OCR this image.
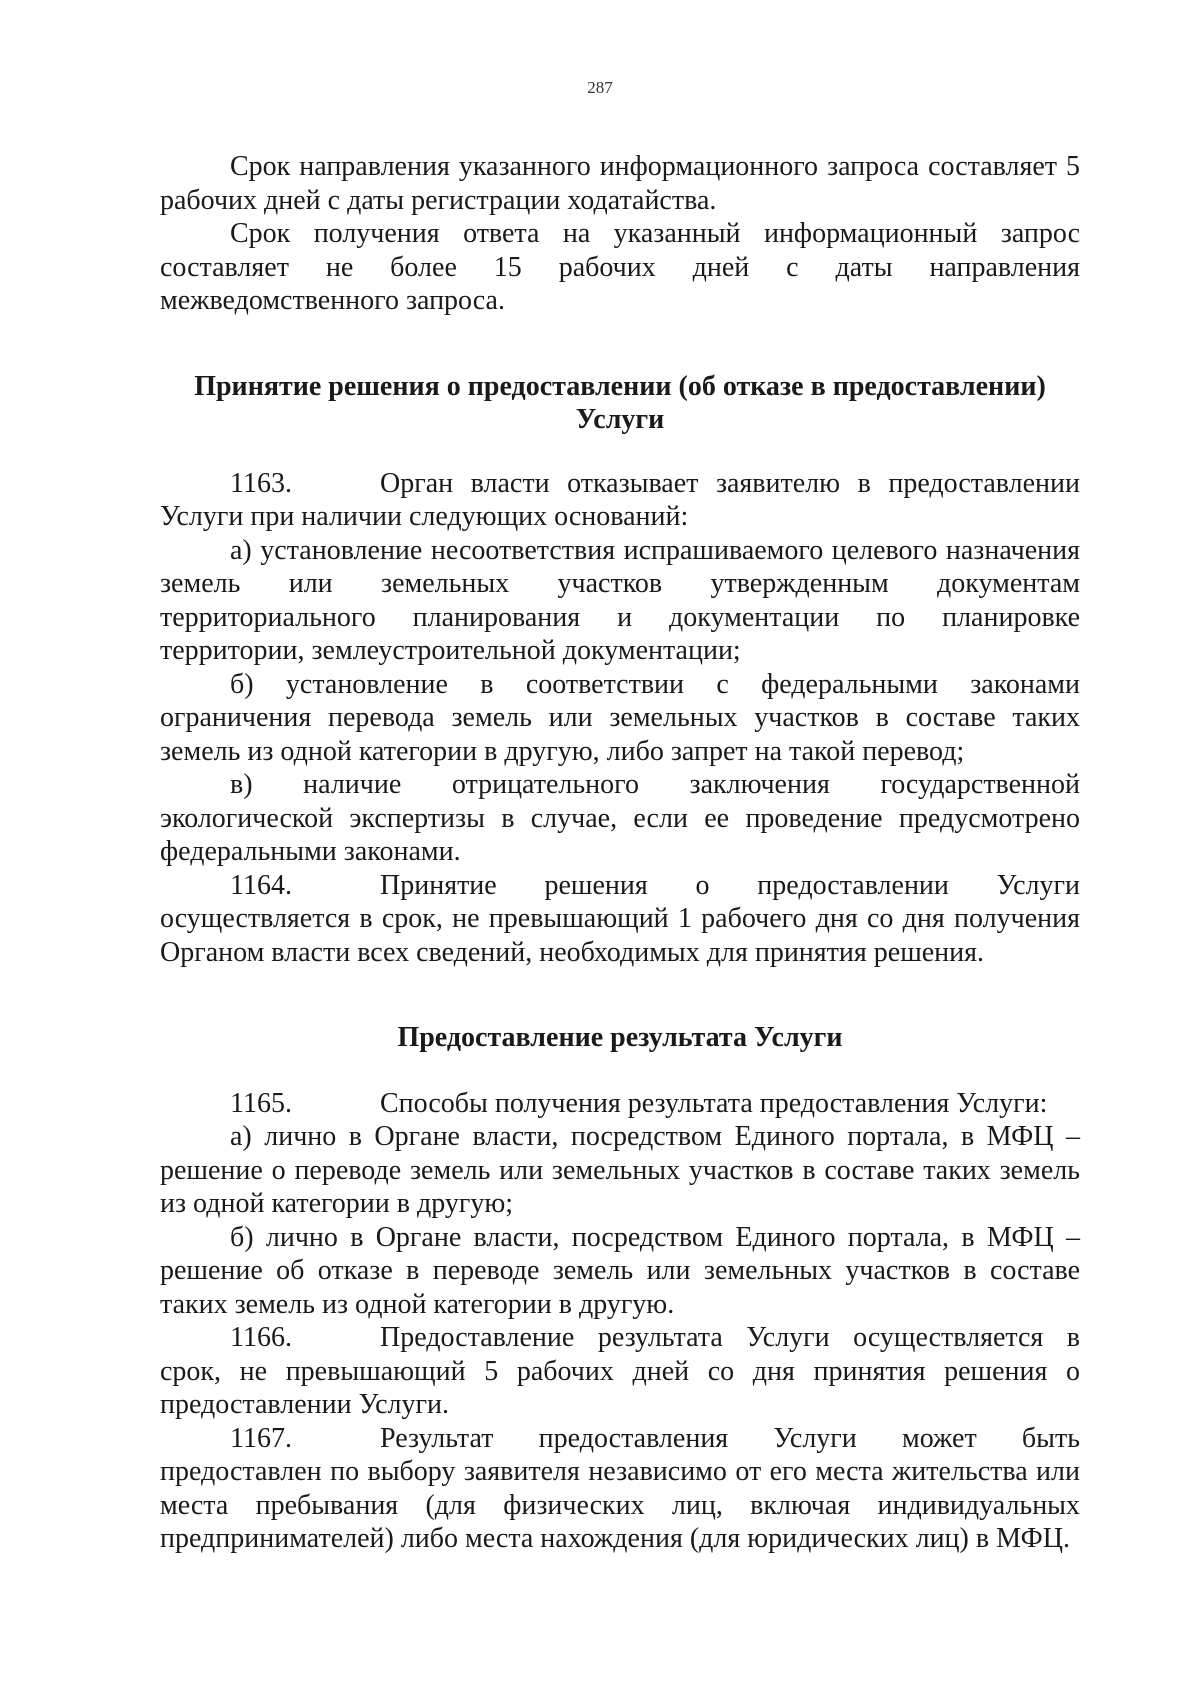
287

Срок направления указанного информационного запроса составляет 5 рабочих дней с даты регистрации ходатайства.

Срок получения ответа на указанный информационный запрос составляет не более 15 рабочих дней с даты направления межведомственного запроса.

Принятие решения о предоставлении (об отказе в предоставлении) Услуги

1163.	Орган власти отказывает заявителю в предоставлении Услуги при наличии следующих оснований:

а) установление несоответствия испрашиваемого целевого назначения земель или земельных участков утвержденным документам территориального планирования и документации по планировке территории, землеустроительной документации;

б) установление в соответствии с федеральными законами ограничения перевода земель или земельных участков в составе таких земель из одной категории в другую, либо запрет на такой перевод;

в) наличие отрицательного заключения государственной экологической экспертизы в случае, если ее проведение предусмотрено федеральными законами.

1164.	Принятие решения о предоставлении Услуги осуществляется в срок, не превышающий 1 рабочего дня со дня получения Органом власти всех сведений, необходимых для принятия решения.

Предоставление результата Услуги

1165.	Способы получения результата предоставления Услуги:

а) лично в Органе власти, посредством Единого портала, в МФЦ – решение о переводе земель или земельных участков в составе таких земель из одной категории в другую;

б) лично в Органе власти, посредством Единого портала, в МФЦ – решение об отказе в переводе земель или земельных участков в составе таких земель из одной категории в другую.

1166.	Предоставление результата Услуги осуществляется в срок, не превышающий 5 рабочих дней со дня принятия решения о предоставлении Услуги.

1167.	Результат предоставления Услуги может быть предоставлен по выбору заявителя независимо от его места жительства или места пребывания (для физических лиц, включая индивидуальных предпринимателей) либо места нахождения (для юридических лиц) в МФЦ.
